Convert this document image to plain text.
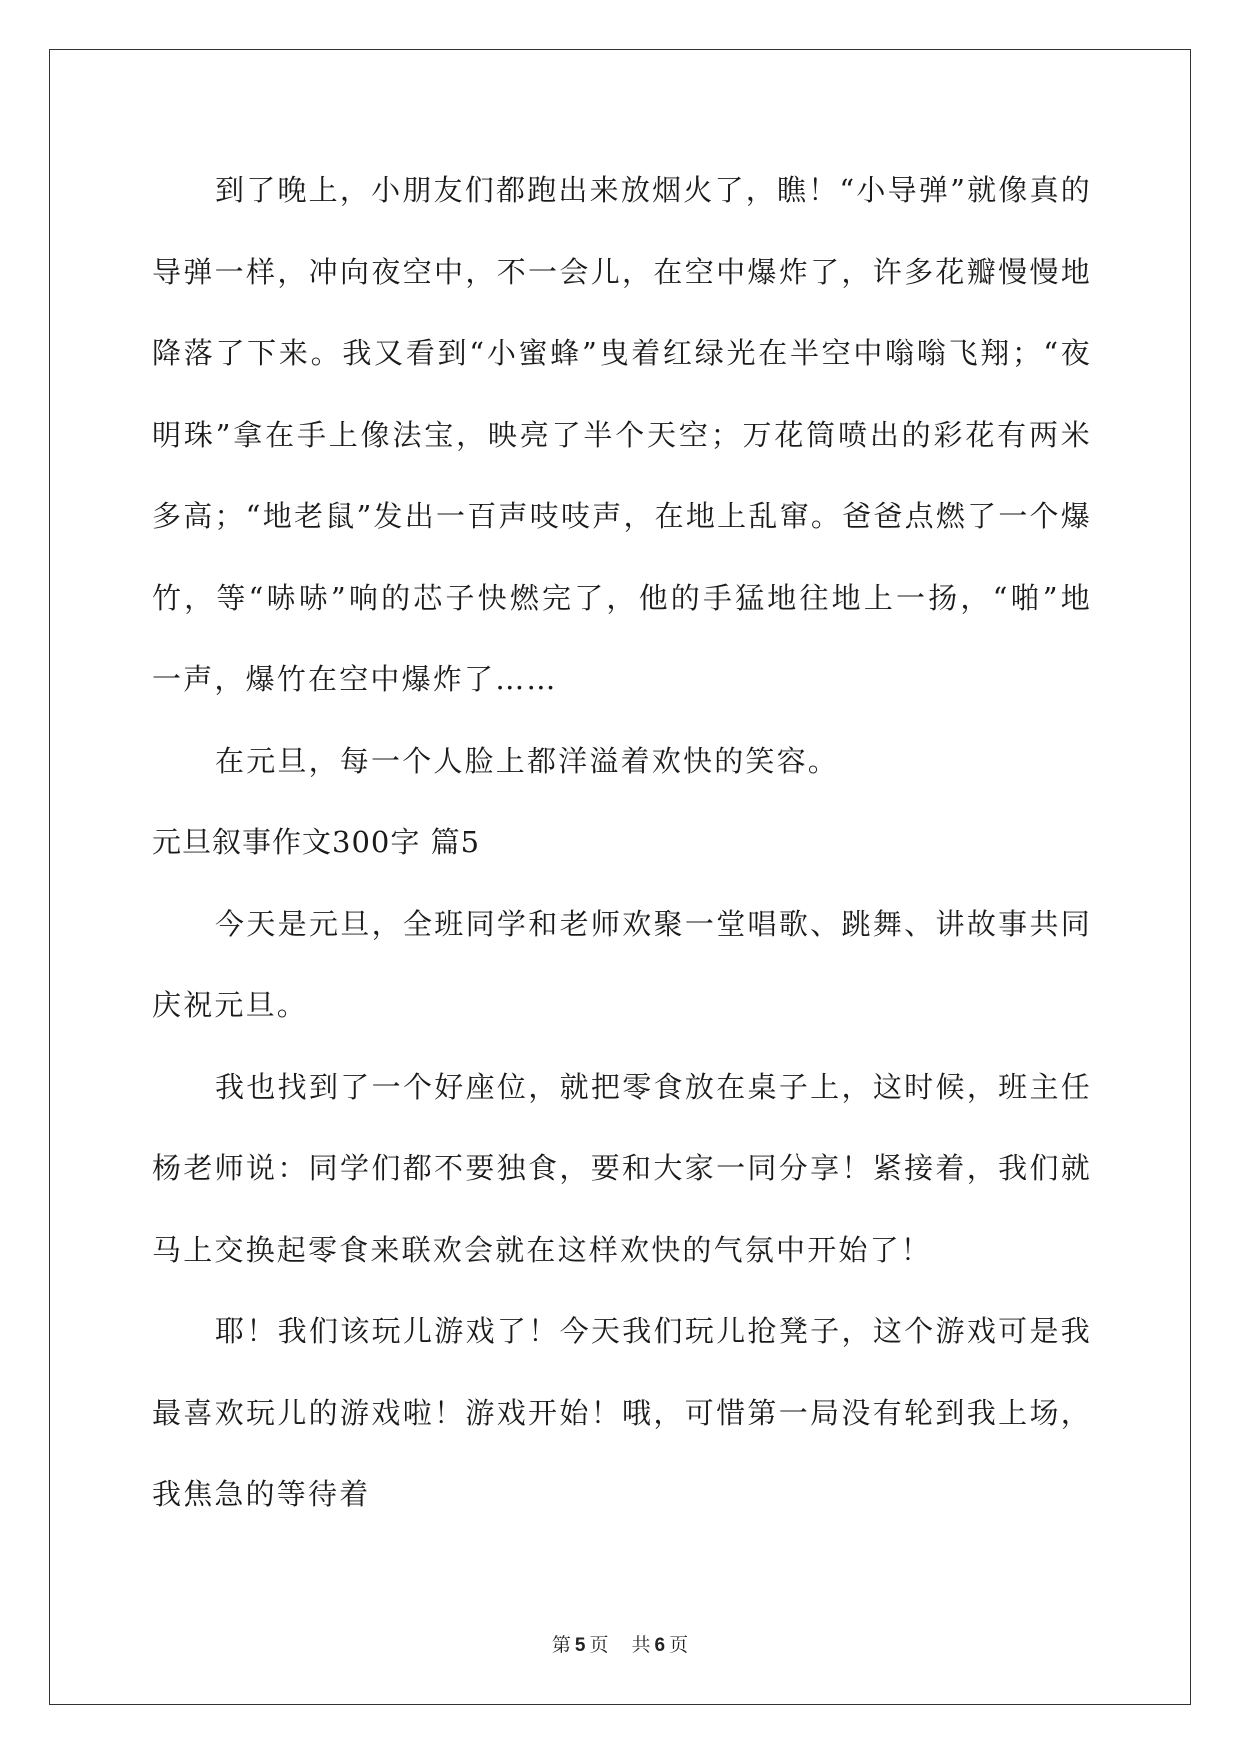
到了晚上，小朋友们都跑出来放烟火了，瞧！“小导弹”就像真的导弹一样，冲向夜空中，不一会儿，在空中爆炸了，许多花瓣慢慢地降落了下来。我又看到“小蜜蜂”曳着红绿光在半空中嗡嗡飞翔；“夜明珠”拿在手上像法宝，映亮了半个天空；万花筒喷出的彩花有两米多高；“地老鼠”发出一百声吱吱声，在地上乱窜。爸爸点燃了一个爆竹，等“哧哧”响的芯子快燃完了，他的手猛地往地上一扬，“啪”地一声，爆竹在空中爆炸了……

在元旦，每一个人脸上都洋溢着欢快的笑容。

元旦叙事作文300字 篇5

今天是元旦，全班同学和老师欢聚一堂唱歌、跳舞、讲故事共同庆祝元旦。

我也找到了一个好座位，就把零食放在桌子上，这时候，班主任杨老师说：同学们都不要独食，要和大家一同分享！紧接着，我们就马上交换起零食来联欢会就在这样欢快的气氛中开始了！

耶！我们该玩儿游戏了！今天我们玩儿抢凳子，这个游戏可是我最喜欢玩儿的游戏啦！游戏开始！哦，可惜第一局没有轮到我上场，我焦急的等待着

第 5 页 共 6 页
